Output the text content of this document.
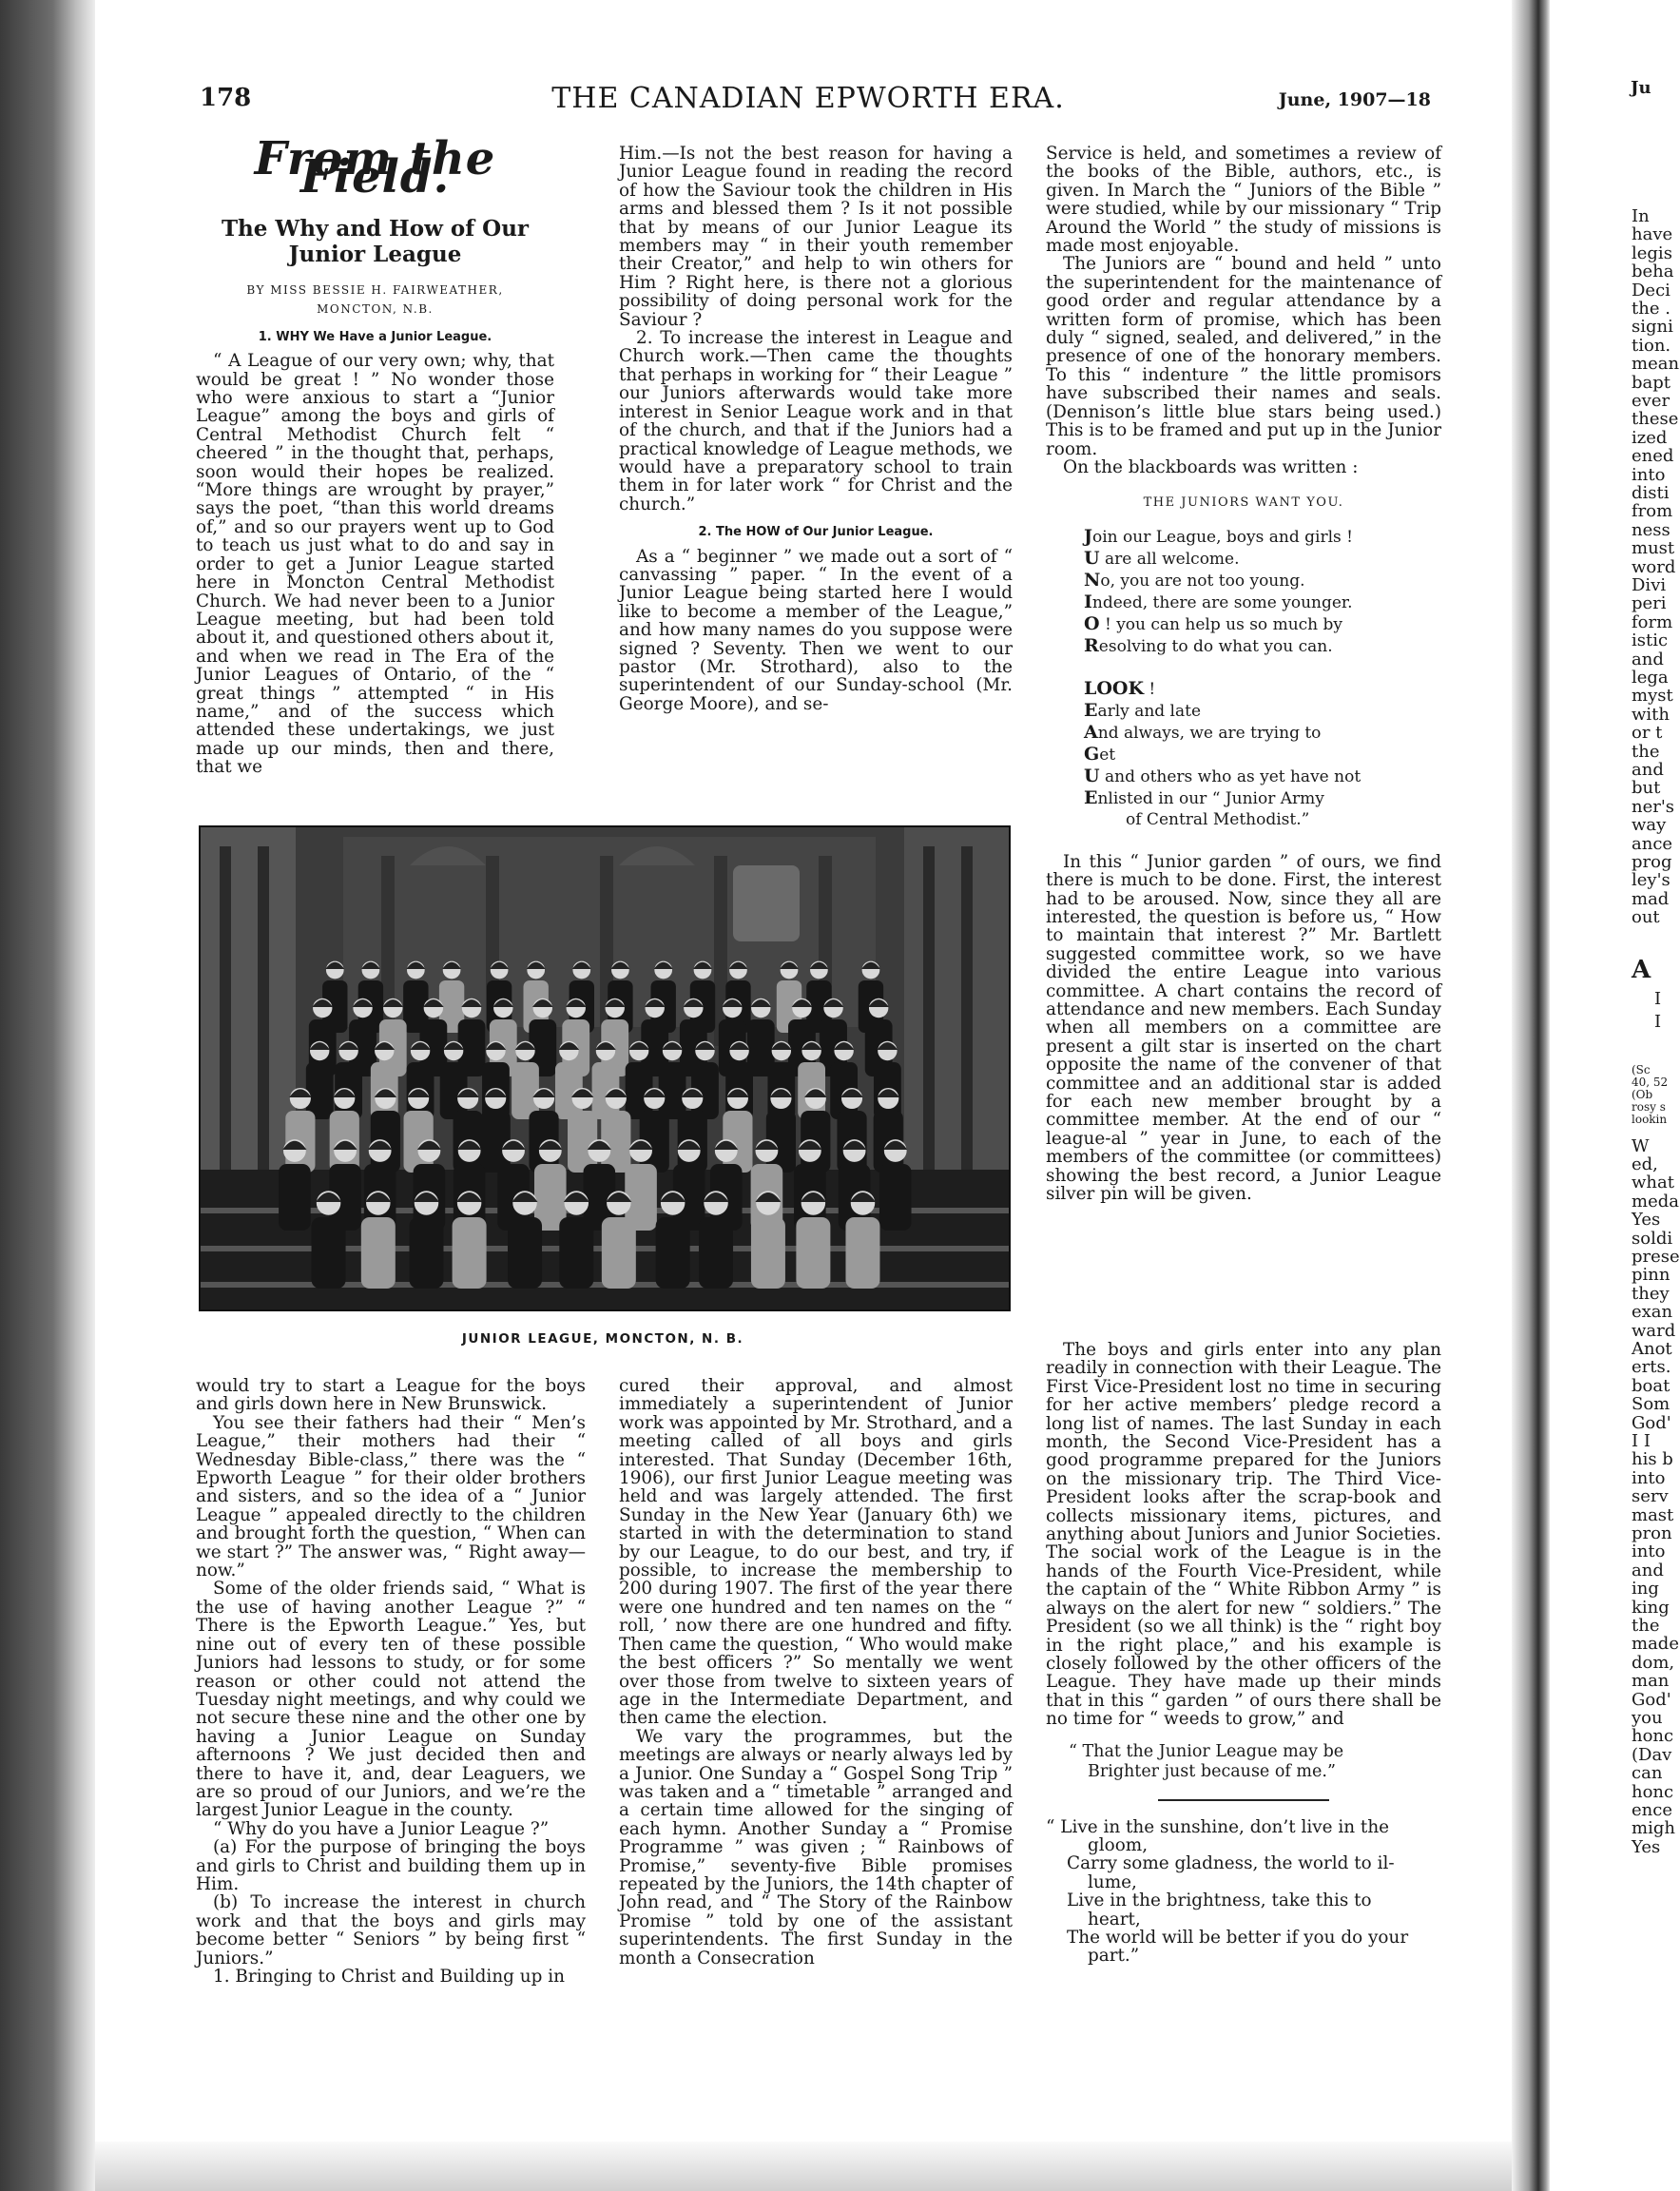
178	THE CANADIAN EPWORTH ERA.	June, 1907—18
From the Field.
The Why and How of Our Junior League
BY MISS BESSIE H. FAIRWEATHER,
MONCTON, N.B.
1. WHY We Have a Junior League.

“ A League of our very own; why, that would be great ! ” No wonder those who were anxious to start a “Junior League” among the boys and girls of Central Methodist Church felt “ cheered ” in the thought that, perhaps, soon would their hopes be realized. “More things are wrought by prayer,” says the poet, “than this world dreams of,” and so our prayers went up to God to teach us just what to do and say in order to get a Junior League started here in Moncton Central Methodist Church. We had never been to a Junior League meeting, but had been told about it, and questioned others about it, and when we read in The Era of the Junior Leagues of Ontario, of the “ great things ” attempted “ in His name,” and of the success which attended these undertakings, we just made up our minds, then and there, that we

Him.—Is not the best reason for having a Junior League found in reading the record of how the Saviour took the children in His arms and blessed them ? Is it not possible that by means of our Junior League its members may “ in their youth remember their Creator,” and help to win others for Him ? Right here, is there not a glorious possibility of doing personal work for the Saviour ?

2. To increase the interest in League and Church work.—Then came the thoughts that perhaps in working for “ their League ” our Juniors afterwards would take more interest in Senior League work and in that of the church, and that if the Juniors had a practical knowledge of League methods, we would have a preparatory school to train them in for later work “ for Christ and the church.”

2. The HOW of Our Junior League.

As a “ beginner ” we made out a sort of “ canvassing ” paper. “ In the event of a Junior League being started here I would like to become a member of the League,” and how many names do you suppose were signed ? Seventy. Then we went to our pastor (Mr. Strothard), also to the superintendent of our Sunday-school (Mr. George Moore), and se-

Service is held, and sometimes a review of the books of the Bible, authors, etc., is given. In March the “ Juniors of the Bible ” were studied, while by our missionary “ Trip Around the World ” the study of missions is made most enjoyable.

The Juniors are “ bound and held ” unto the superintendent for the maintenance of good order and regular attendance by a written form of promise, which has been duly “ signed, sealed, and delivered,” in the presence of one of the honorary members. To this “ indenture ” the little promisors have subscribed their names and seals. (Dennison’s little blue stars being used.) This is to be framed and put up in the Junior room.

On the blackboards was written :

THE JUNIORS WANT YOU.
Join our League, boys and girls !
U are all welcome.
No, you are not too young.
Indeed, there are some younger.
O ! you can help us so much by
Resolving to do what you can.
LOOK !
Early and late
And always, we are trying to
Get
U and others who as yet have not
Enlisted in our “ Junior Army
of Central Methodist.”

In this “ Junior garden ” of ours, we find there is much to be done. First, the interest had to be aroused. Now, since they all are interested, the question is before us, “ How to maintain that interest ?” Mr. Bartlett suggested committee work, so we have divided the entire League into various committee. A chart contains the record of attendance and new members. Each Sunday when all members on a committee are present a gilt star is inserted on the chart opposite the name of the convener of that committee and an additional star is added for each new member brought by a committee member. At the end of our “ league-al ” year in June, to each of the members of the committee (or committees) showing the best record, a Junior League silver pin will be given.

JUNIOR LEAGUE, MONCTON, N. B.

would try to start a League for the boys and girls down here in New Brunswick.

You see their fathers had their “ Men’s League,” their mothers had their “ Wednesday Bible-class,” there was the “ Epworth League ” for their older brothers and sisters, and so the idea of a “ Junior League ” appealed directly to the children and brought forth the question, “ When can we start ?” The answer was, “ Right away—now.”

Some of the older friends said, “ What is the use of having another League ?” “ There is the Epworth League.” Yes, but nine out of every ten of these possible Juniors had lessons to study, or for some reason or other could not attend the Tuesday night meetings, and why could we not secure these nine and the other one by having a Junior League on Sunday afternoons ? We just decided then and there to have it, and, dear Leaguers, we are so proud of our Juniors, and we’re the largest Junior League in the county.

“ Why do you have a Junior League ?”

(a) For the purpose of bringing the boys and girls to Christ and building them up in Him.

(b) To increase the interest in church work and that the boys and girls may become better “ Seniors ” by being first “ Juniors.”

1. Bringing to Christ and Building up in

cured their approval, and almost immediately a superintendent of Junior work was appointed by Mr. Strothard, and a meeting called of all boys and girls interested. That Sunday (December 16th, 1906), our first Junior League meeting was held and was largely attended. The first Sunday in the New Year (January 6th) we started in with the determination to stand by our League, to do our best, and try, if possible, to increase the membership to 200 during 1907. The first of the year there were one hundred and ten names on the “ roll, ’ now there are one hundred and fifty. Then came the question, “ Who would make the best officers ?” So mentally we went over those from twelve to sixteen years of age in the Intermediate Department, and then came the election.

We vary the programmes, but the meetings are always or nearly always led by a Junior. One Sunday a “ Gospel Song Trip ” was taken and a “ timetable ” arranged and a certain time allowed for the singing of each hymn. Another Sunday a “ Promise Programme ” was given ; “ Rainbows of Promise,” seventy-five Bible promises repeated by the Juniors, the 14th chapter of John read, and “ The Story of the Rainbow Promise ” told by one of the assistant superintendents. The first Sunday in the month a Consecration

The boys and girls enter into any plan readily in connection with their League. The First Vice-President lost no time in securing for her active members’ pledge record a long list of names. The last Sunday in each month, the Second Vice-President has a good programme prepared for the Juniors on the missionary trip. The Third Vice-President looks after the scrap-book and collects missionary items, pictures, and anything about Juniors and Junior Societies. The social work of the League is in the hands of the Fourth Vice-President, while the captain of the “ White Ribbon Army ” is always on the alert for new “ soldiers.” The President (so we all think) is the “ right boy in the right place,” and his example is closely followed by the other officers of the League. They have made up their minds that in this “ garden ” of ours there shall be no time for “ weeds to grow,” and

“ That the Junior League may be
Brighter just because of me.”
“ Live in the sunshine, don’t live in the
gloom,
Carry some gladness, the world to il-
lume,
Live in the brightness, take this to
heart,
The world will be better if you do your
part.”
Ju
In
have
legis
beha
Deci
the .
signi
tion.
mean
bapt
ever
these
ized
ened
into
disti
from
ness
must
word
Divi
peri
form
istic
and
lega
myst
with
or t
the
and
but
ner's
way
ance
prog
ley's
mad
out
A
I
I
(Sc
40, 52
(Ob
rosy s
lookin
W
ed,
what
meda
Yes
soldi
prese
pinn
they
exan
ward
Anot
erts.
boat
Som
God'
I I
his b
into
serv
mast
pron
into
and
ing
king
the
made
dom,
man
God'
you
honc
(Dav
can
honc
ence
migh
Yes
